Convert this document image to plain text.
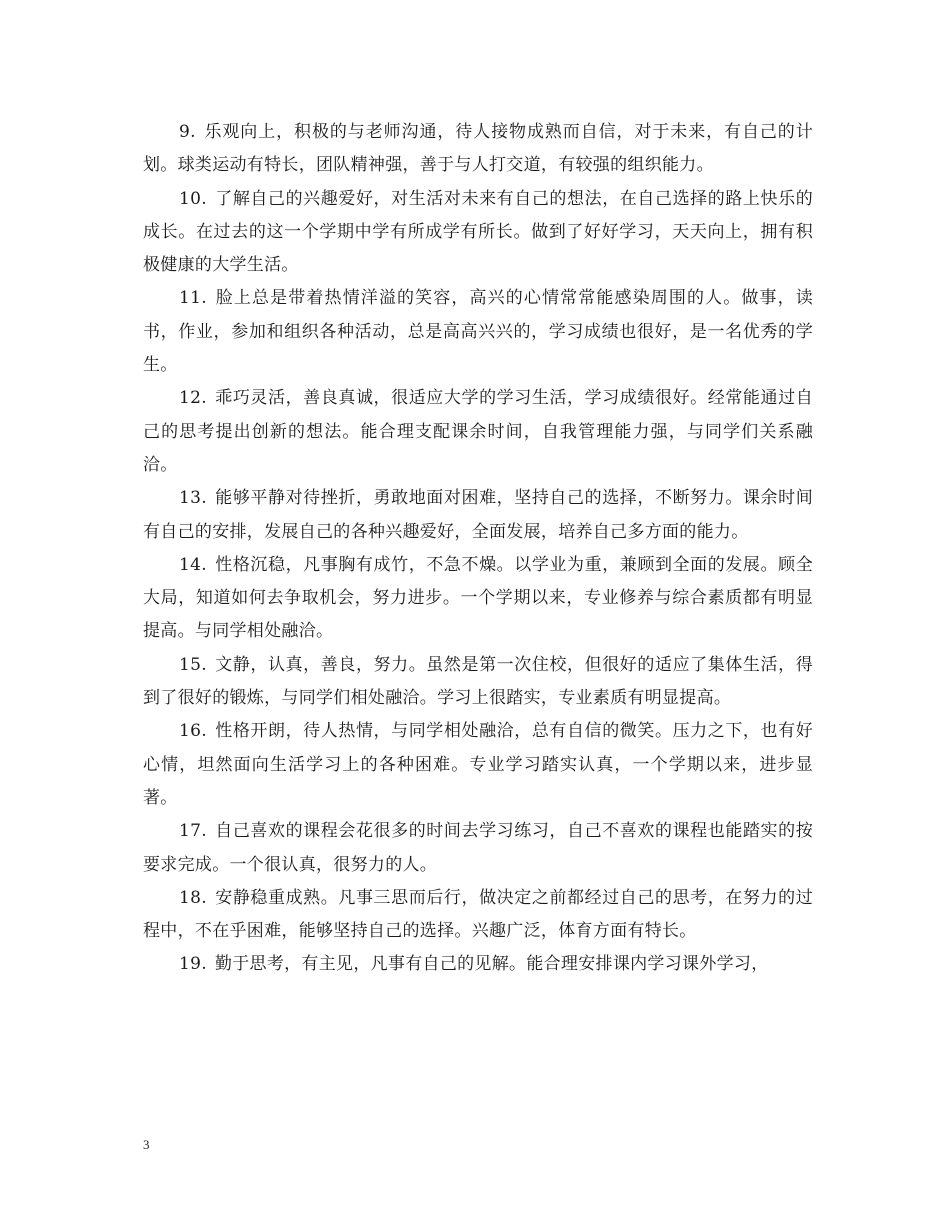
9. 乐观向上，积极的与老师沟通，待人接物成熟而自信，对于未来，有自己的计划。球类运动有特长，团队精神强，善于与人打交道，有较强的组织能力。

10. 了解自己的兴趣爱好，对生活对未来有自己的想法，在自己选择的路上快乐的成长。在过去的这一个学期中学有所成学有所长。做到了好好学习，天天向上，拥有积极健康的大学生活。

11. 脸上总是带着热情洋溢的笑容，高兴的心情常常能感染周围的人。做事，读书，作业，参加和组织各种活动，总是高高兴兴的，学习成绩也很好，是一名优秀的学生。

12. 乖巧灵活，善良真诚，很适应大学的学习生活，学习成绩很好。经常能通过自己的思考提出创新的想法。能合理支配课余时间，自我管理能力强，与同学们关系融洽。

13. 能够平静对待挫折，勇敢地面对困难，坚持自己的选择，不断努力。课余时间有自己的安排，发展自己的各种兴趣爱好，全面发展，培养自己多方面的能力。

14. 性格沉稳，凡事胸有成竹，不急不燥。以学业为重，兼顾到全面的发展。顾全大局，知道如何去争取机会，努力进步。一个学期以来，专业修养与综合素质都有明显提高。与同学相处融洽。

15. 文静，认真，善良，努力。虽然是第一次住校，但很好的适应了集体生活，得到了很好的锻炼，与同学们相处融洽。学习上很踏实，专业素质有明显提高。

16. 性格开朗，待人热情，与同学相处融洽，总有自信的微笑。压力之下，也有好心情，坦然面向生活学习上的各种困难。专业学习踏实认真，一个学期以来，进步显著。

17. 自己喜欢的课程会花很多的时间去学习练习，自己不喜欢的课程也能踏实的按要求完成。一个很认真，很努力的人。

18. 安静稳重成熟。凡事三思而后行，做决定之前都经过自己的思考，在努力的过程中，不在乎困难，能够坚持自己的选择。兴趣广泛，体育方面有特长。

19. 勤于思考，有主见，凡事有自己的见解。能合理安排课内学习课外学习，

3
